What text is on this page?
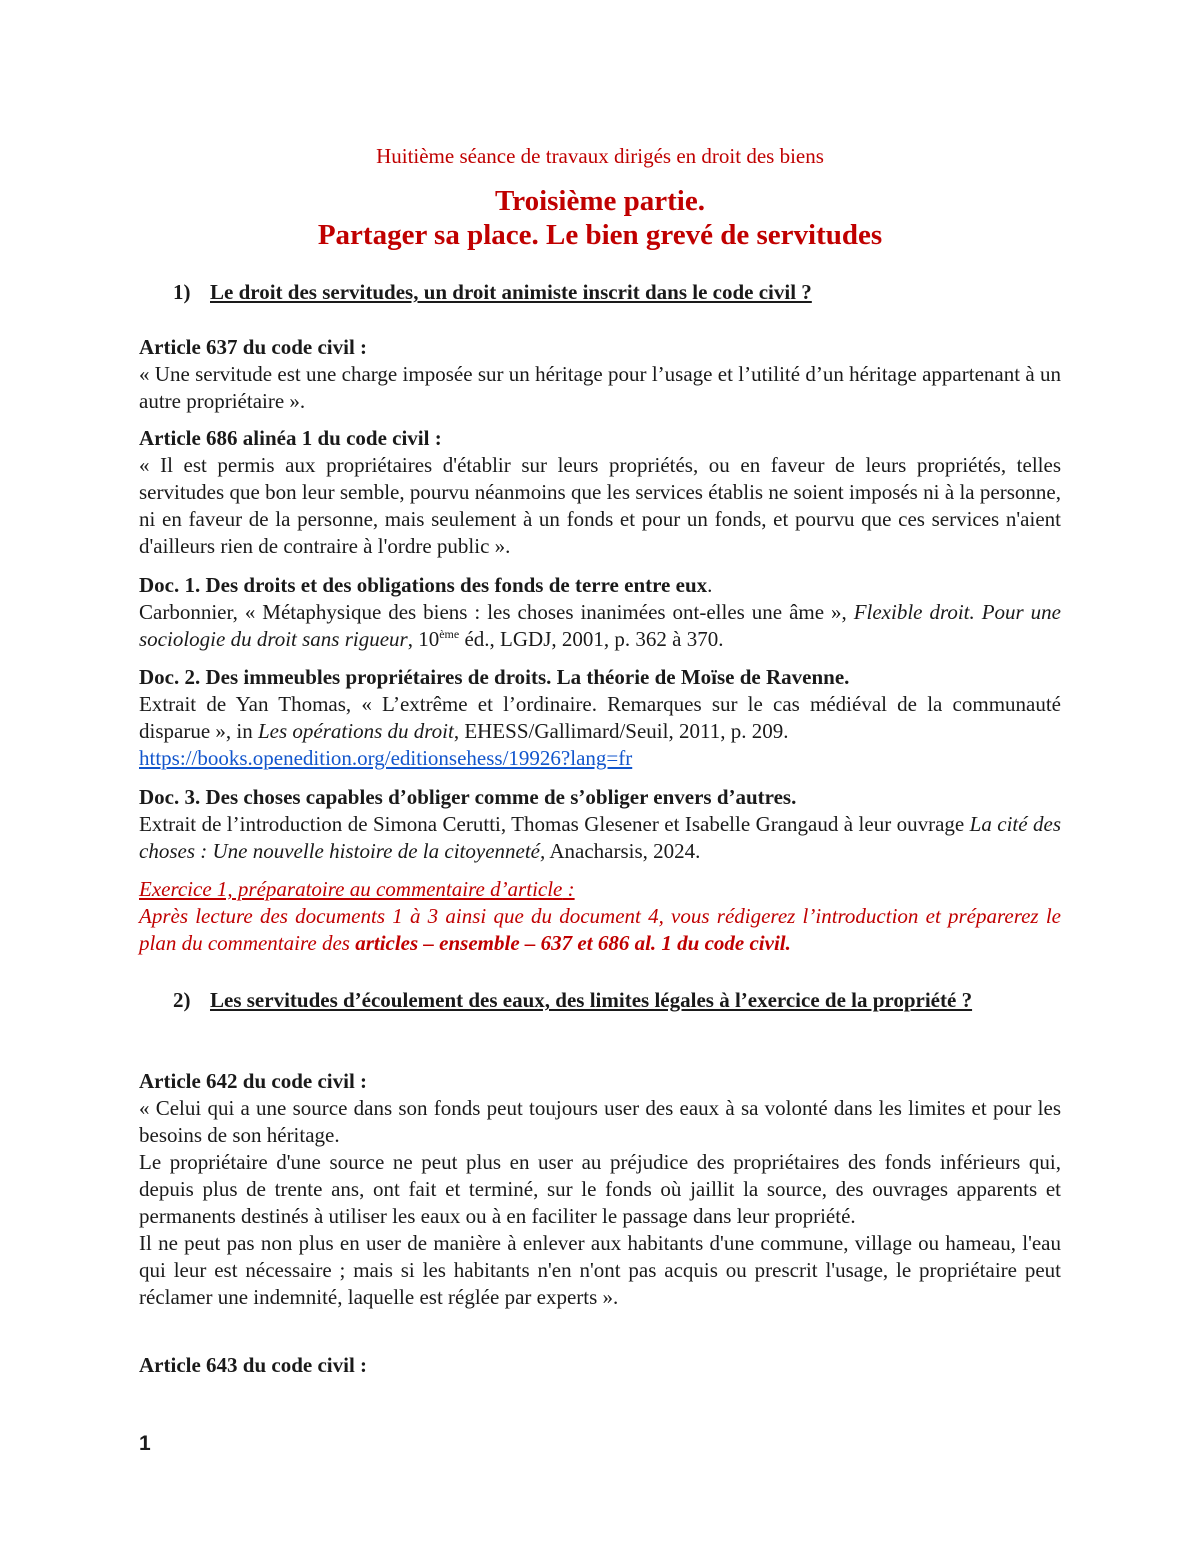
Huitième séance de travaux dirigés en droit des biens
Troisième partie.
Partager sa place. Le bien grevé de servitudes
1) Le droit des servitudes, un droit animiste inscrit dans le code civil ?

Article 637 du code civil :

« Une servitude est une charge imposée sur un héritage pour l’usage et l’utilité d’un héritage appartenant à un autre propriétaire ».

Article 686 alinéa 1 du code civil :

« Il est permis aux propriétaires d'établir sur leurs propriétés, ou en faveur de leurs propriétés, telles servitudes que bon leur semble, pourvu néanmoins que les services établis ne soient imposés ni à la personne, ni en faveur de la personne, mais seulement à un fonds et pour un fonds, et pourvu que ces services n'aient d'ailleurs rien de contraire à l'ordre public ».

Doc. 1. Des droits et des obligations des fonds de terre entre eux.

Carbonnier, « Métaphysique des biens : les choses inanimées ont-elles une âme », Flexible droit. Pour une sociologie du droit sans rigueur, 10ème éd., LGDJ, 2001, p. 362 à 370.

Doc. 2. Des immeubles propriétaires de droits. La théorie de Moïse de Ravenne.

Extrait de Yan Thomas, « L’extrême et l’ordinaire. Remarques sur le cas médiéval de la communauté disparue », in Les opérations du droit, EHESS/Gallimard/Seuil, 2011, p. 209.

https://books.openedition.org/editionsehess/19926?lang=fr

Doc. 3. Des choses capables d’obliger comme de s’obliger envers d’autres.

Extrait de l’introduction de Simona Cerutti, Thomas Glesener et Isabelle Grangaud à leur ouvrage La cité des choses : Une nouvelle histoire de la citoyenneté, Anacharsis, 2024.

Exercice 1, préparatoire au commentaire d’article :

Après lecture des documents 1 à 3 ainsi que du document 4, vous rédigerez l’introduction et préparerez le plan du commentaire des articles – ensemble – 637 et 686 al. 1 du code civil.

2) Les servitudes d’écoulement des eaux, des limites légales à l’exercice de la propriété ?

Article 642 du code civil :

« Celui qui a une source dans son fonds peut toujours user des eaux à sa volonté dans les limites et pour les besoins de son héritage.

Le propriétaire d'une source ne peut plus en user au préjudice des propriétaires des fonds inférieurs qui, depuis plus de trente ans, ont fait et terminé, sur le fonds où jaillit la source, des ouvrages apparents et permanents destinés à utiliser les eaux ou à en faciliter le passage dans leur propriété.

Il ne peut pas non plus en user de manière à enlever aux habitants d'une commune, village ou hameau, l'eau qui leur est nécessaire ; mais si les habitants n'en n'ont pas acquis ou prescrit l'usage, le propriétaire peut réclamer une indemnité, laquelle est réglée par experts ».

Article 643 du code civil :

1
